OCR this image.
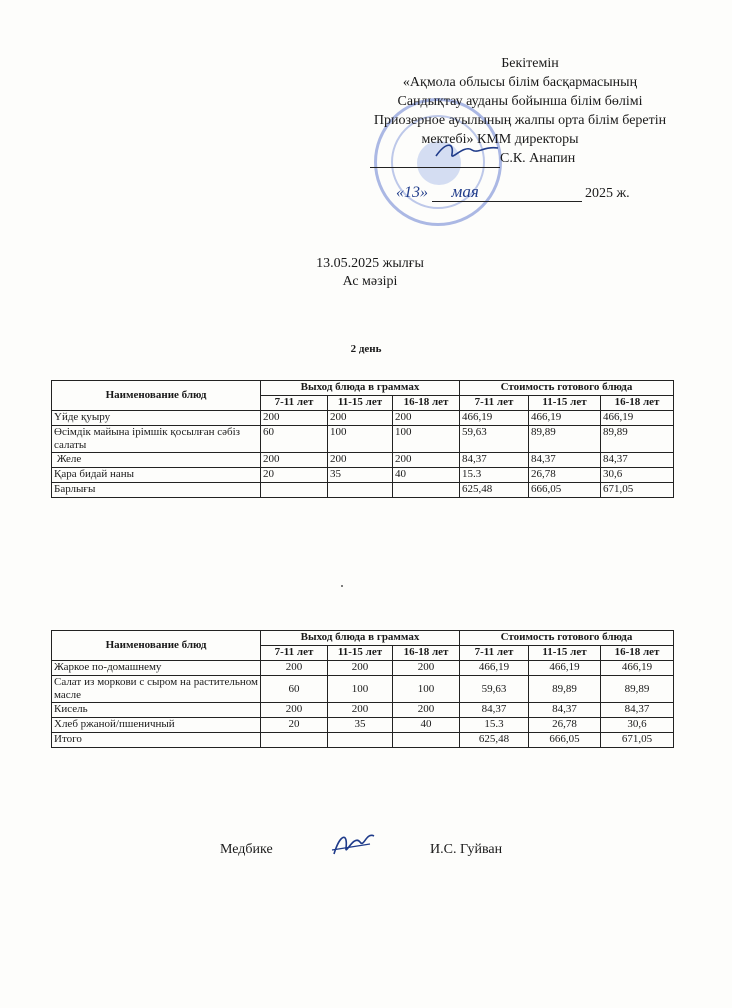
Бекітемін
«Ақмола облысы білім басқармасының
Сандықтау ауданы бойынша білім бөлімі
Приозерное ауылының жалпы орта білім беретін
мектебі» КММ директоры
С.К. Анапин
«13» мая	2025 ж.
13.05.2025 жылғы
Ас мәзірі
2 день
Наименование блюд	Выход блюда в граммах			Стоимость готового блюда		
	7-11 лет	11-15 лет	16-18 лет	7-11 лет	11-15 лет	16-18 лет
Үйде қуыру	200	200	200	466,19	466,19	466,19
Өсімдік майына ірімшік қосылған сәбіз салаты	60	100	100	59,63	89,89	89,89
Желе	200	200	200	84,37	84,37	84,37
Қара бидай наны	20	35	40	15.3	26,78	30,6
Барлығы				625,48	666,05	671,05
Наименование блюд	Выход блюда в граммах			Стоимость готового блюда		
	7-11 лет	11-15 лет	16-18 лет	7-11 лет	11-15 лет	16-18 лет
Жаркое по-домашнему	200	200	200	466,19	466,19	466,19
Салат из моркови с сыром на растительном масле	60	100	100	59,63	89,89	89,89
Кисель	200	200	200	84,37	84,37	84,37
Хлеб ржаной/пшеничный	20	35	40	15.3	26,78	30,6
Итого				625,48	666,05	671,05
Медбике	И.С. Гуйван
